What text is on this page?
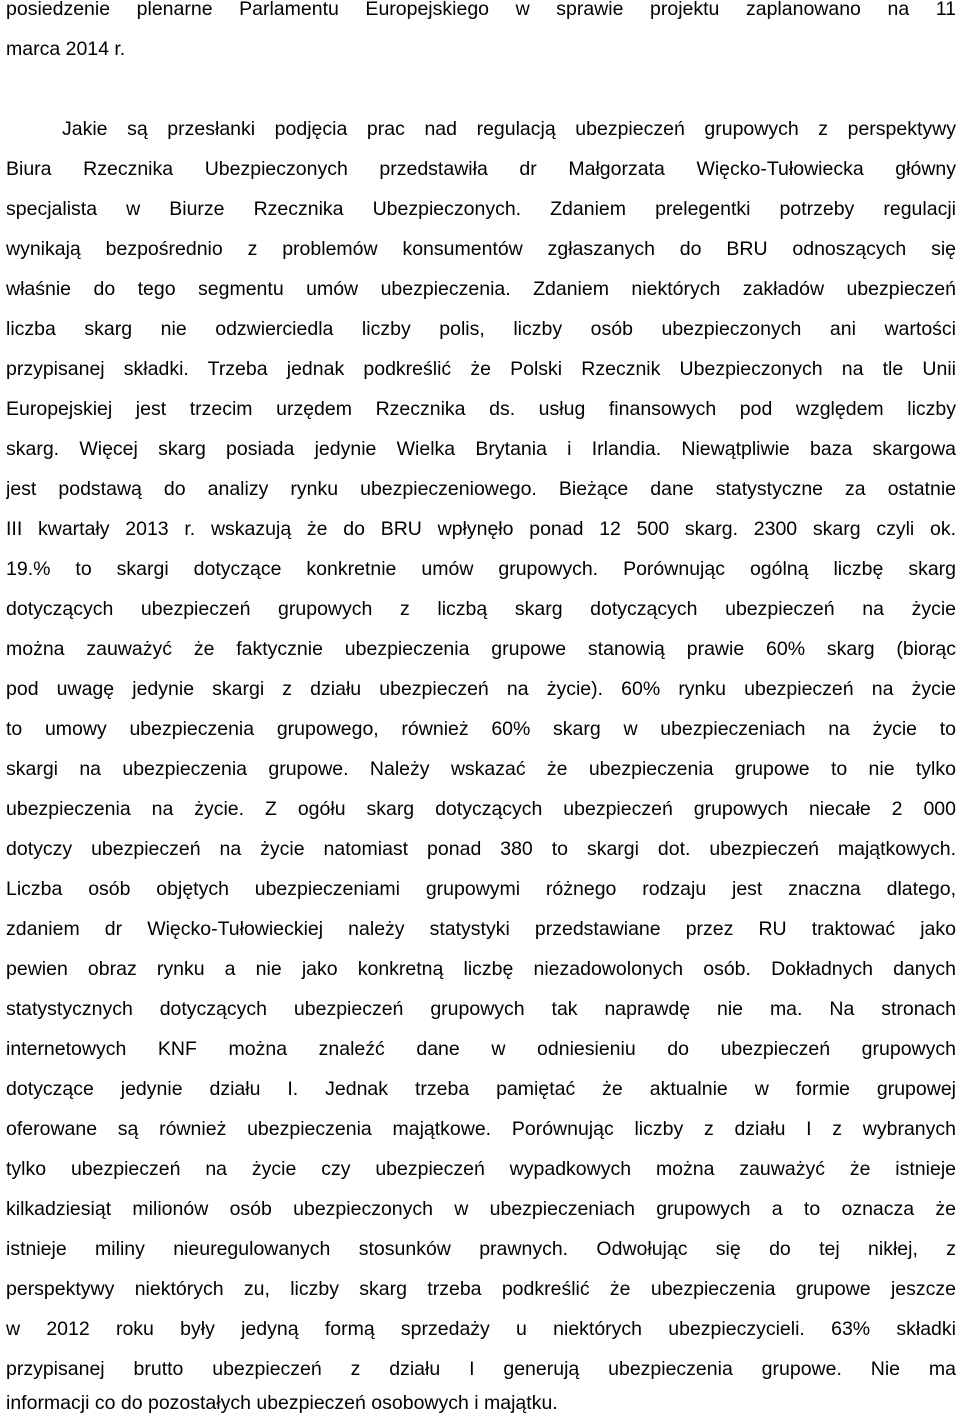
posiedzenie plenarne Parlamentu Europejskiego w sprawie projektu zaplanowano na 11
marca 2014 r.
Jakie są przesłanki podjęcia prac nad regulacją ubezpieczeń grupowych z perspektywy
Biura Rzecznika Ubezpieczonych przedstawiła dr Małgorzata Więcko-Tułowiecka główny
specjalista w Biurze Rzecznika Ubezpieczonych. Zdaniem prelegentki potrzeby regulacji
wynikają bezpośrednio z problemów konsumentów zgłaszanych do BRU odnoszących się
właśnie do tego segmentu umów ubezpieczenia. Zdaniem niektórych zakładów ubezpieczeń
liczba skarg nie odzwierciedla liczby polis, liczby osób ubezpieczonych ani wartości
przypisanej składki. Trzeba jednak podkreślić że Polski Rzecznik Ubezpieczonych na tle Unii
Europejskiej jest trzecim urzędem Rzecznika ds. usług finansowych pod względem liczby
skarg. Więcej skarg posiada jedynie Wielka Brytania i Irlandia. Niewątpliwie baza skargowa
jest podstawą do analizy rynku ubezpieczeniowego. Bieżące dane statystyczne za ostatnie
III kwartały 2013 r. wskazują że do BRU wpłynęło ponad 12 500 skarg. 2300 skarg czyli ok.
19.% to skargi dotyczące konkretnie umów grupowych. Porównując ogólną liczbę skarg
dotyczących ubezpieczeń grupowych z liczbą skarg dotyczących ubezpieczeń na życie
można zauważyć że faktycznie ubezpieczenia grupowe stanowią prawie 60% skarg (biorąc
pod uwagę jedynie skargi z działu ubezpieczeń na życie). 60% rynku ubezpieczeń na życie
to umowy ubezpieczenia grupowego, również 60% skarg w ubezpieczeniach na życie to
skargi na ubezpieczenia grupowe. Należy wskazać że ubezpieczenia grupowe to nie tylko
ubezpieczenia na życie. Z ogółu skarg dotyczących ubezpieczeń grupowych niecałe 2 000
dotyczy ubezpieczeń na życie natomiast ponad 380 to skargi dot. ubezpieczeń majątkowych.
Liczba osób objętych ubezpieczeniami grupowymi różnego rodzaju jest znaczna dlatego,
zdaniem dr Więcko-Tułowieckiej należy statystyki przedstawiane przez RU traktować jako
pewien obraz rynku a nie jako konkretną liczbę niezadowolonych osób. Dokładnych danych
statystycznych dotyczących ubezpieczeń grupowych tak naprawdę nie ma. Na stronach
internetowych KNF można znaleźć dane w odniesieniu do ubezpieczeń grupowych
dotyczące jedynie działu I. Jednak trzeba pamiętać że aktualnie w formie grupowej
oferowane są również ubezpieczenia majątkowe. Porównując liczby z działu I z wybranych
tylko ubezpieczeń na życie czy ubezpieczeń wypadkowych można zauważyć że istnieje
kilkadziesiąt milionów osób ubezpieczonych w ubezpieczeniach grupowych a to oznacza że
istnieje miliny nieuregulowanych stosunków prawnych. Odwołując się do tej nikłej, z
perspektywy niektórych zu, liczby skarg trzeba podkreślić że ubezpieczenia grupowe jeszcze
w 2012 roku były jedyną formą sprzedaży u niektórych ubezpieczycieli. 63% składki
przypisanej brutto ubezpieczeń z działu I generują ubezpieczenia grupowe. Nie ma
informacji co do pozostałych ubezpieczeń osobowych i majątku.
